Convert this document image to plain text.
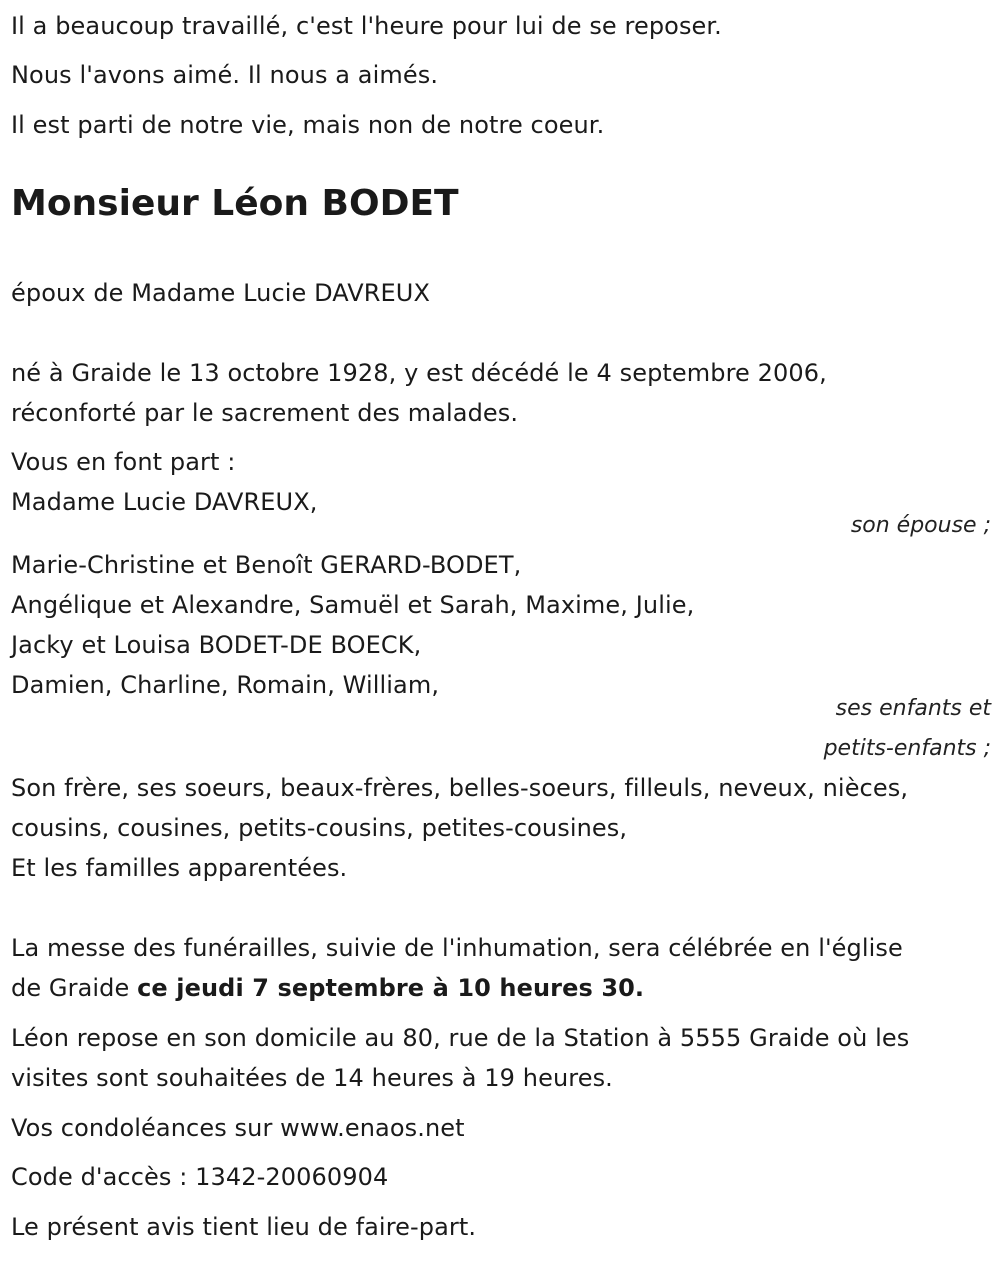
Il a beaucoup travaillé, c'est l'heure pour lui de se reposer.
Nous l'avons aimé. Il nous a aimés.
Il est parti de notre vie, mais non de notre coeur.
Monsieur Léon BODET
époux de Madame Lucie DAVREUX
né à Graide le 13 octobre 1928, y est décédé le 4 septembre 2006,
réconforté par le sacrement des malades.
Vous en font part :
Madame Lucie DAVREUX,
son épouse ;
Marie-Christine et Benoît GERARD-BODET,
Angélique et Alexandre, Samuël et Sarah, Maxime, Julie,
Jacky et Louisa BODET-DE BOECK,
Damien, Charline, Romain, William,
ses enfants et
petits-enfants ;
Son frère, ses soeurs, beaux-frères, belles-soeurs, filleuls, neveux, nièces,
cousins, cousines, petits-cousins, petites-cousines,
Et les familles apparentées.
La messe des funérailles, suivie de l'inhumation, sera célébrée en l'église
de Graide ce jeudi 7 septembre à 10 heures 30.
Léon repose en son domicile au 80, rue de la Station à 5555 Graide où les
visites sont souhaitées de 14 heures à 19 heures.
Vos condoléances sur www.enaos.net
Code d'accès : 1342-20060904
Le présent avis tient lieu de faire-part.
